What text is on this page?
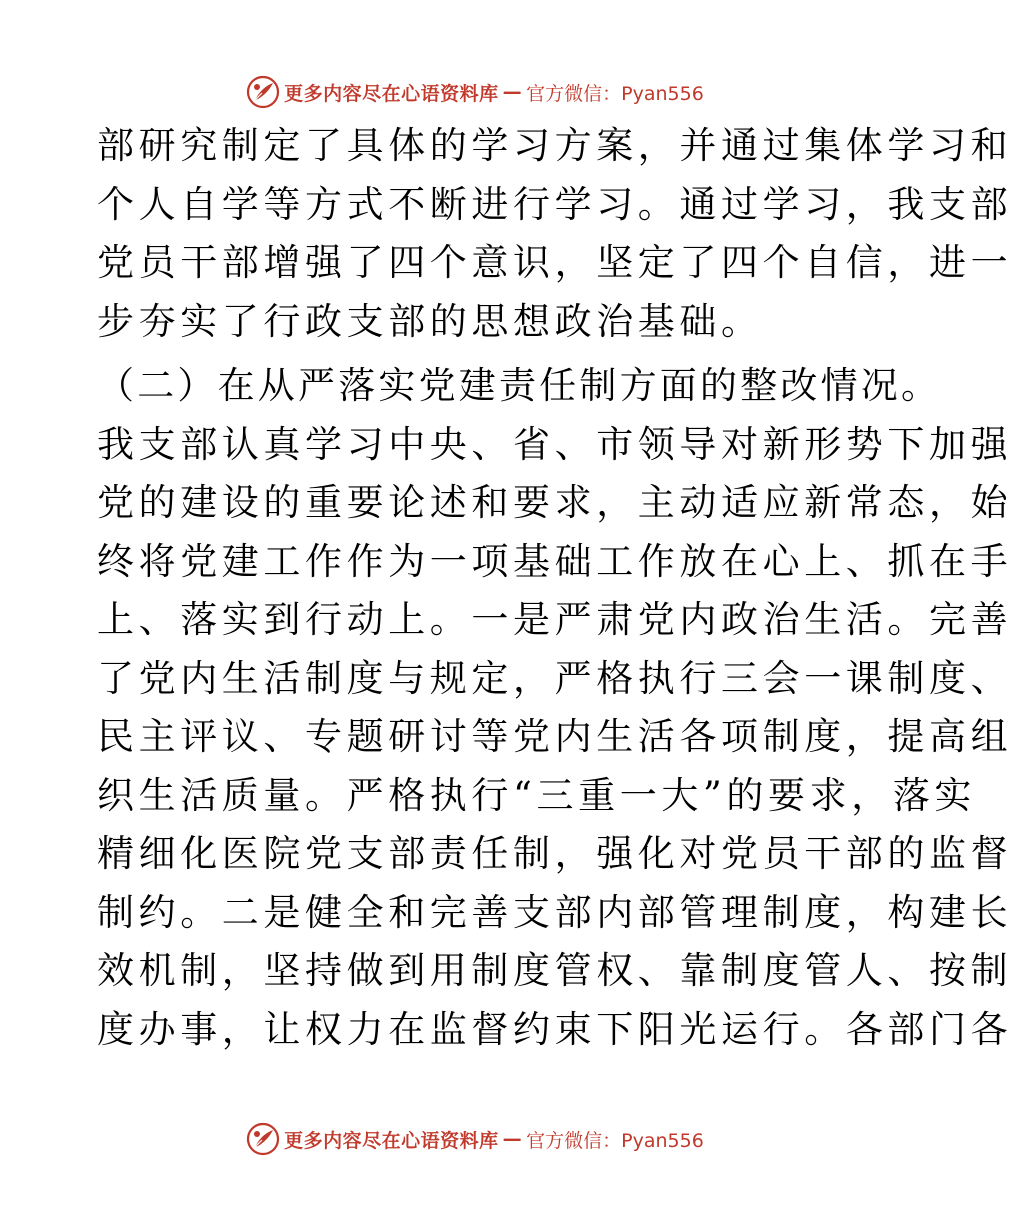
更多内容尽在心语资料库 — 官方微信：Pyan556
部研究制定了具体的学习方案，并通过集体学习和
个人自学等方式不断进行学习。通过学习，我支部
党员干部增强了四个意识，坚定了四个自信，进一
步夯实了行政支部的思想政治基础。
（二）在从严落实党建责任制方面的整改情况。
我支部认真学习中央、省、市领导对新形势下加强
党的建设的重要论述和要求，主动适应新常态，始
终将党建工作作为一项基础工作放在心上、抓在手
上、落实到行动上。一是严肃党内政治生活。完善
了党内生活制度与规定，严格执行三会一课制度、
民主评议、专题研讨等党内生活各项制度，提高组
织生活质量。严格执行“三重一大”的要求，落实
精细化医院党支部责任制，强化对党员干部的监督
制约。二是健全和完善支部内部管理制度，构建长
效机制，坚持做到用制度管权、靠制度管人、按制
度办事，让权力在监督约束下阳光运行。各部门各
更多内容尽在心语资料库 — 官方微信：Pyan556
